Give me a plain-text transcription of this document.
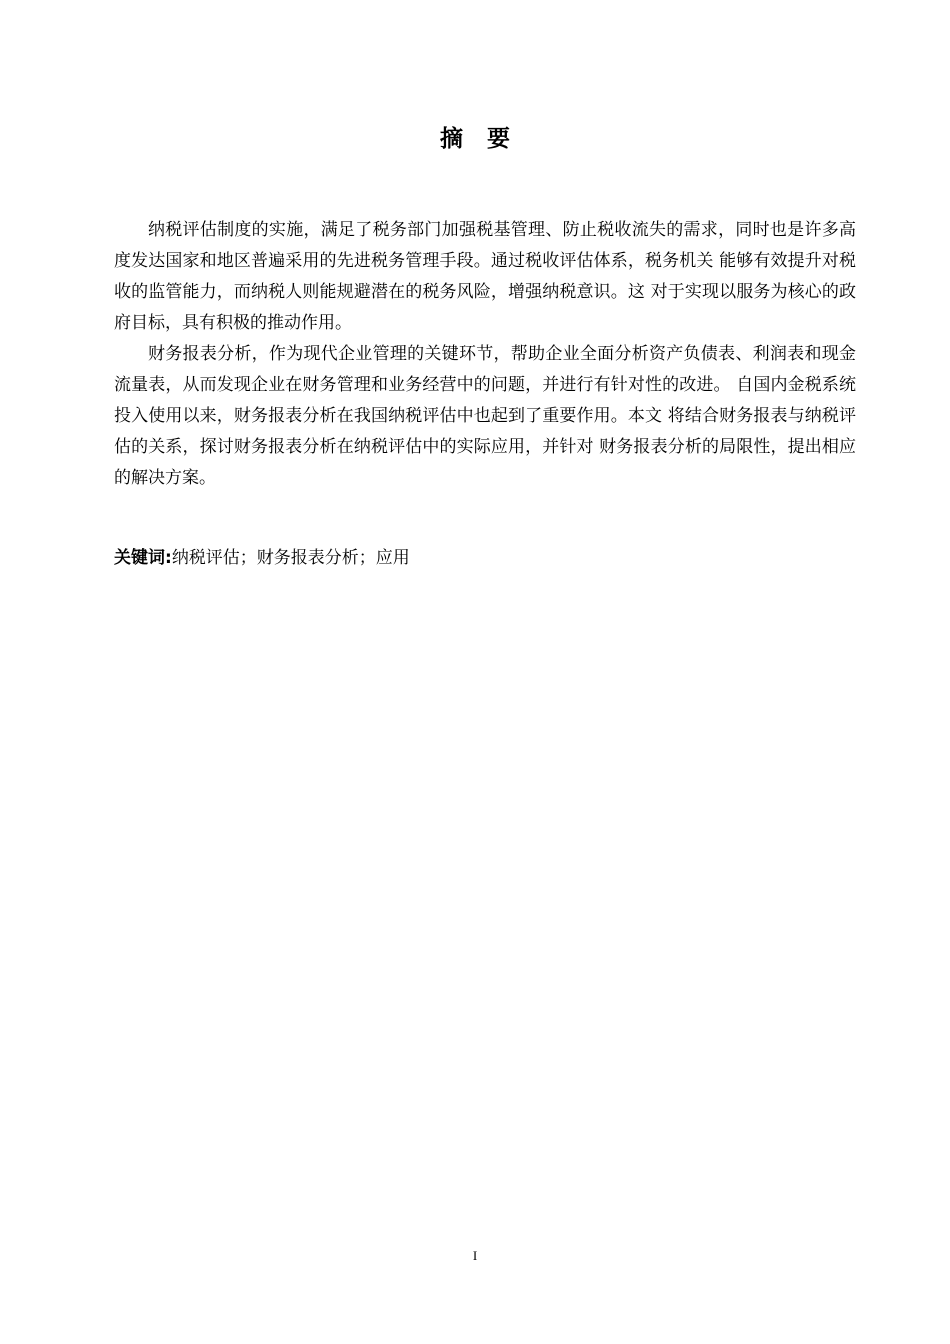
摘要

纳税评估制度的实施，满足了税务部门加强税基管理、防止税收流失的需求，同时也是许多高度发达国家和地区普遍采用的先进税务管理手段。通过税收评估体系，税务机关 能够有效提升对税收的监管能力，而纳税人则能规避潜在的税务风险，增强纳税意识。这 对于实现以服务为核心的政府目标，具有积极的推动作用。

财务报表分析，作为现代企业管理的关键环节，帮助企业全面分析资产负债表、利润表和现金流量表，从而发现企业在财务管理和业务经营中的问题，并进行有针对性的改进。 自国内金税系统投入使用以来，财务报表分析在我国纳税评估中也起到了重要作用。本文 将结合财务报表与纳税评估的关系，探讨财务报表分析在纳税评估中的实际应用，并针对 财务报表分析的局限性，提出相应的解决方案。

关键词:纳税评估；财务报表分析；应用
I
